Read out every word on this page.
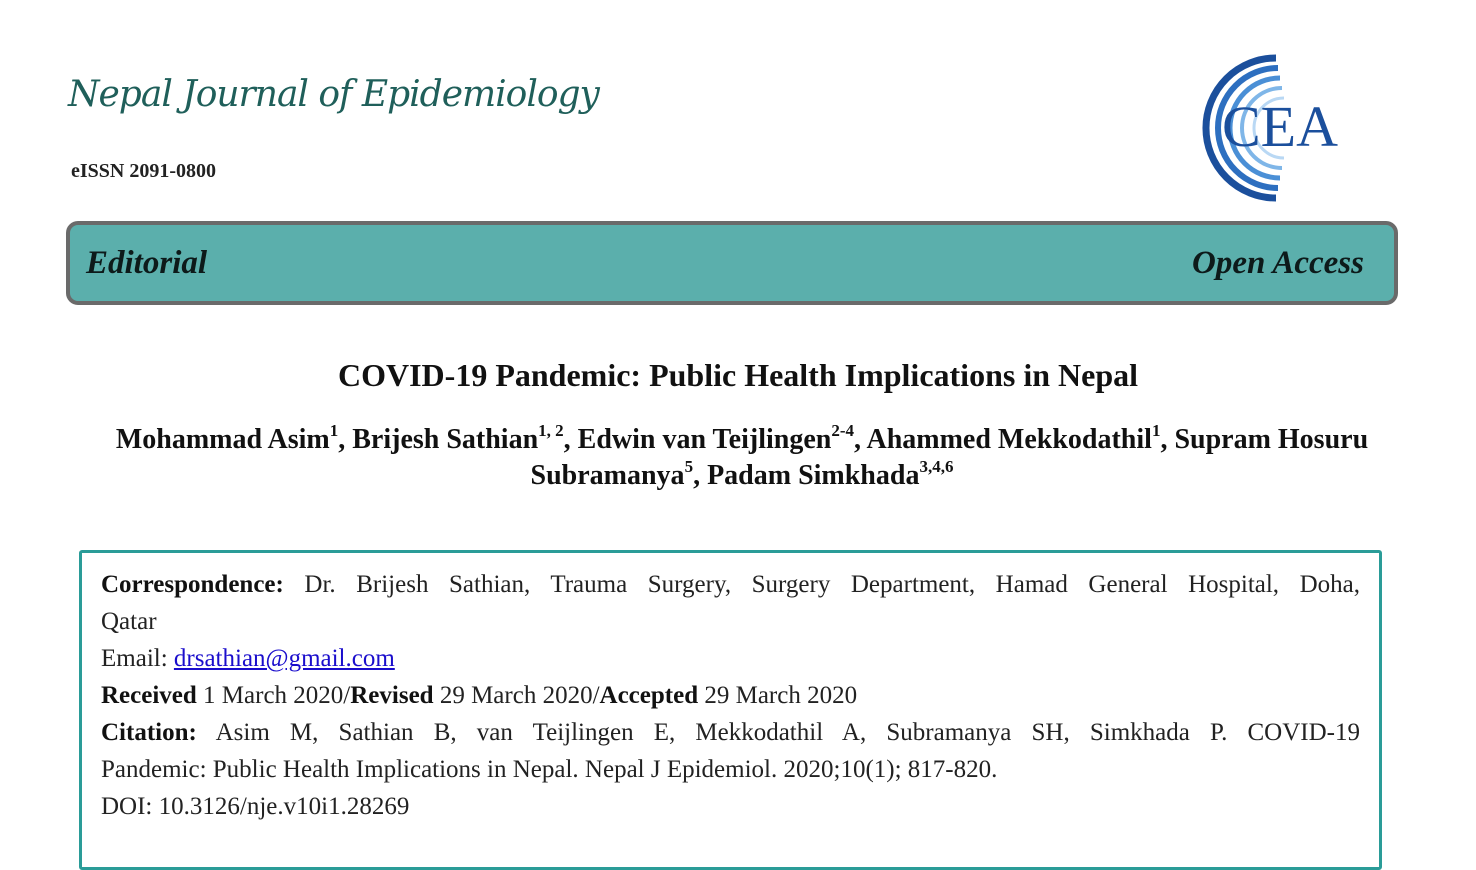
Nepal Journal of Epidemiology
eISSN 2091-0800
CEA
Editorial	Open Access
COVID-19 Pandemic: Public Health Implications in Nepal
Mohammad Asim$^1$, Brijesh Sathian$^{1, 2}$, Edwin van Teijlingen$^{2-4}$, Ahammed Mekkodathil$^1$, Supram Hosuru Subramanya$^5$, Padam Simkhada$^{3,4,6}$

Correspondence: Dr. Brijesh Sathian, Trauma Surgery, Surgery Department, Hamad General Hospital, Doha,

Qatar

Email: drsathian@gmail.com

Received 1 March 2020/Revised 29 March 2020/Accepted 29 March 2020

Citation: Asim M, Sathian B, van Teijlingen E, Mekkodathil A, Subramanya SH, Simkhada P. COVID-19

Pandemic: Public Health Implications in Nepal. Nepal J Epidemiol. 2020;10(1); 817-820.

DOI: 10.3126/nje.v10i1.28269
